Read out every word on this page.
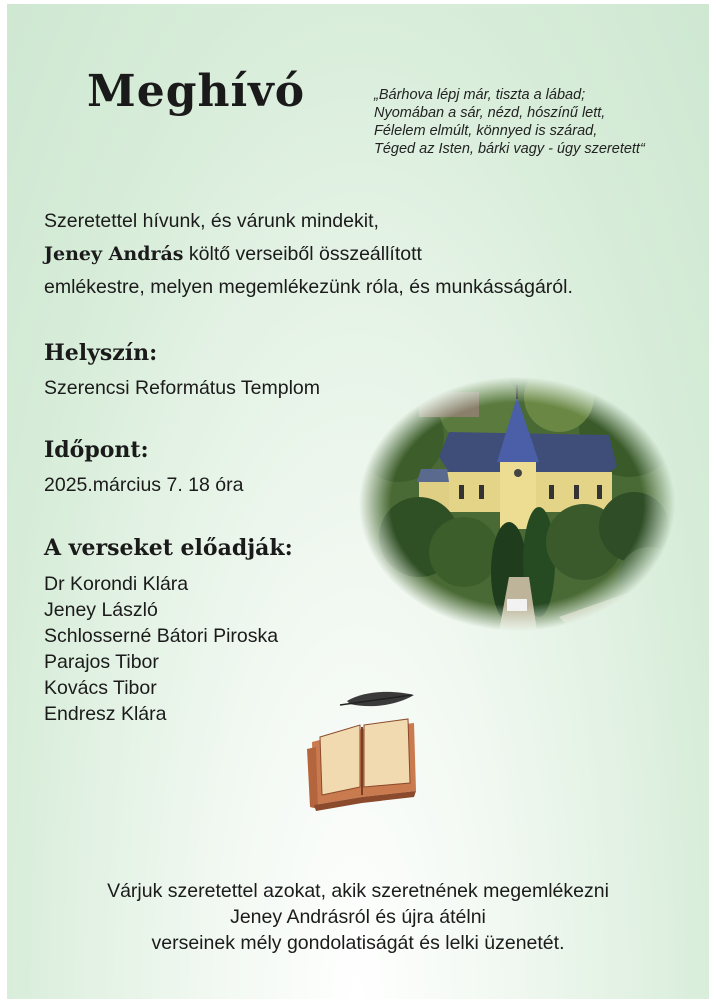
Meghívó	„Bárhova lépj már, tiszta a lábad;
Nyomában a sár, nézd, hószínű lett,
Félelem elmúlt, könnyed is szárad,
Téged az Isten, bárki vagy - úgy szeretett“
Szeretettel hívunk, és várunk mindekit,
Jeney András költő verseiből összeállított
emlékestre, melyen megemlékezünk róla, és munkásságáról.
Helyszín:
Szerencsi Református Templom
Időpont:
2025.március 7. 18 óra
A verseket előadják:
Dr Korondi Klára
Jeney László
Schlosserné Bátori Piroska
Parajos Tibor
Kovács Tibor
Endresz Klára
Várjuk szeretettel azokat, akik szeretnének megemlékezni
Jeney Andrásról és újra átélni
verseinek mély gondolatiságát és lelki üzenetét.
